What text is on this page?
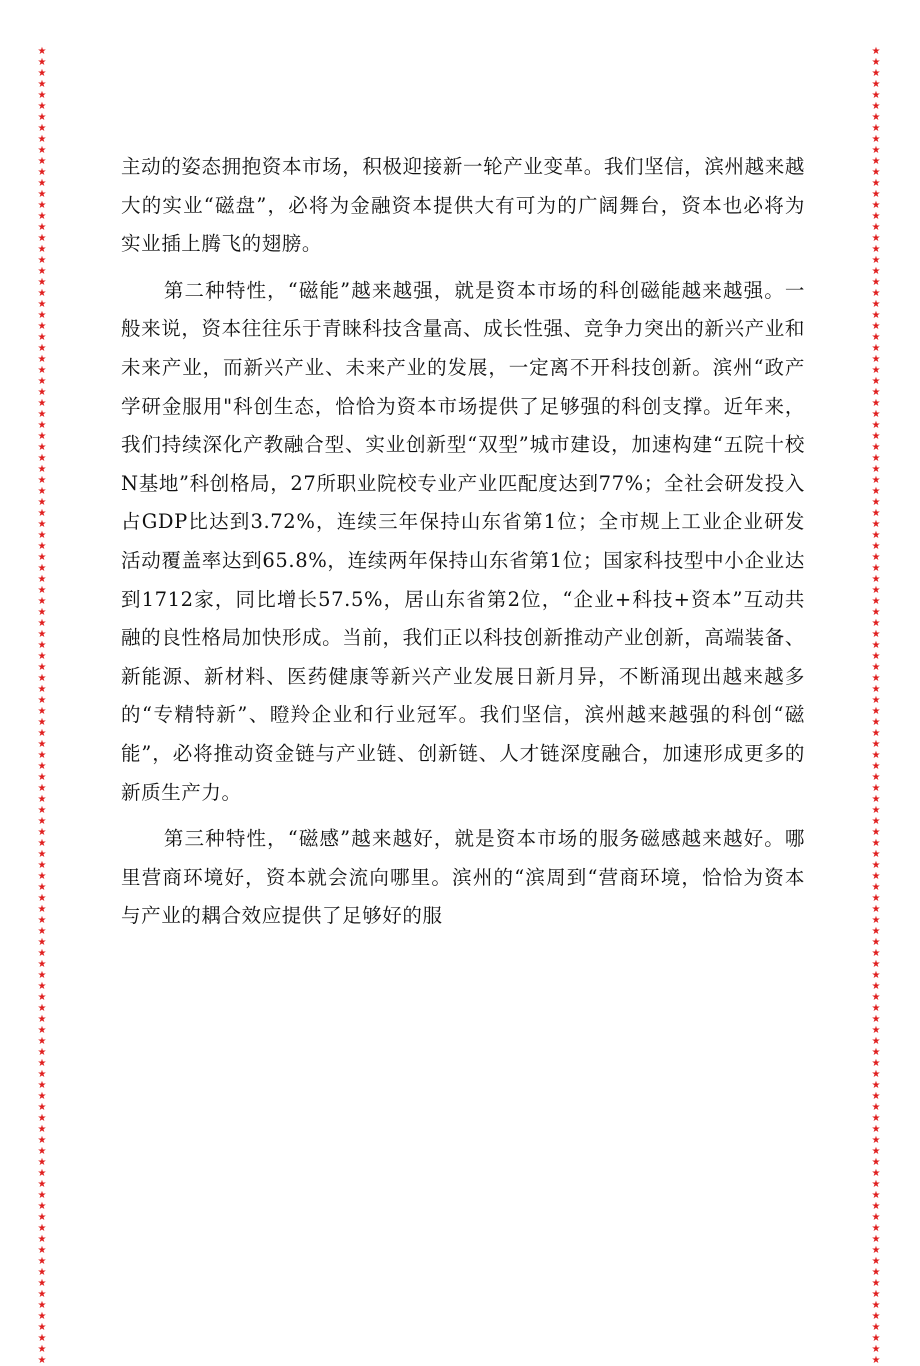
★★★★★★★★★★★★★★★★★★★★★★★★★★★★★★★★★★★★★★★★★★★★★★★★★★★★★★★★★★★★★★★★★★★★★★★★★★★★★★★★★★★★★★★★★★★★★★★★★★★★★★★★★★★★★★★★★★★★★★★★
★★★★★★★★★★★★★★★★★★★★★★★★★★★★★★★★★★★★★★★★★★★★★★★★★★★★★★★★★★★★★★★★★★★★★★★★★★★★★★★★★★★★★★★★★★★★★★★★★★★★★★★★★★★★★★★★★★★★★★★★

主动的姿态拥抱资本市场，积极迎接新一轮产业变革。我们坚信，滨州越来越大的实业“磁盘”，必将为金融资本提供大有可为的广阔舞台，资本也必将为实业插上腾飞的翅膀。

第二种特性，“磁能”越来越强，就是资本市场的科创磁能越来越强。一般来说，资本往往乐于青睐科技含量高、成长性强、竞争力突出的新兴产业和未来产业，而新兴产业、未来产业的发展，一定离不开科技创新。滨州“政产学研金服用"科创生态，恰恰为资本市场提供了足够强的科创支撑。近年来，我们持续深化产教融合型、实业创新型“双型”城市建设，加速构建“五院十校N基地”科创格局，27所职业院校专业产业匹配度达到77%；全社会研发投入占GDP比达到3.72%，连续三年保持山东省第1位；全市规上工业企业研发活动覆盖率达到65.8%，连续两年保持山东省第1位；国家科技型中小企业达到1712家，同比增长57.5%，居山东省第2位，“企业+科技+资本”互动共融的良性格局加快形成。当前，我们正以科技创新推动产业创新，高端装备、新能源、新材料、医药健康等新兴产业发展日新月异，不断涌现出越来越多的“专精特新”、瞪羚企业和行业冠军。我们坚信，滨州越来越强的科创“磁能”，必将推动资金链与产业链、创新链、人才链深度融合，加速形成更多的新质生产力。

第三种特性，“磁感”越来越好，就是资本市场的服务磁感越来越好。哪里营商环境好，资本就会流向哪里。滨州的“滨周到“营商环境，恰恰为资本与产业的耦合效应提供了足够好的服
